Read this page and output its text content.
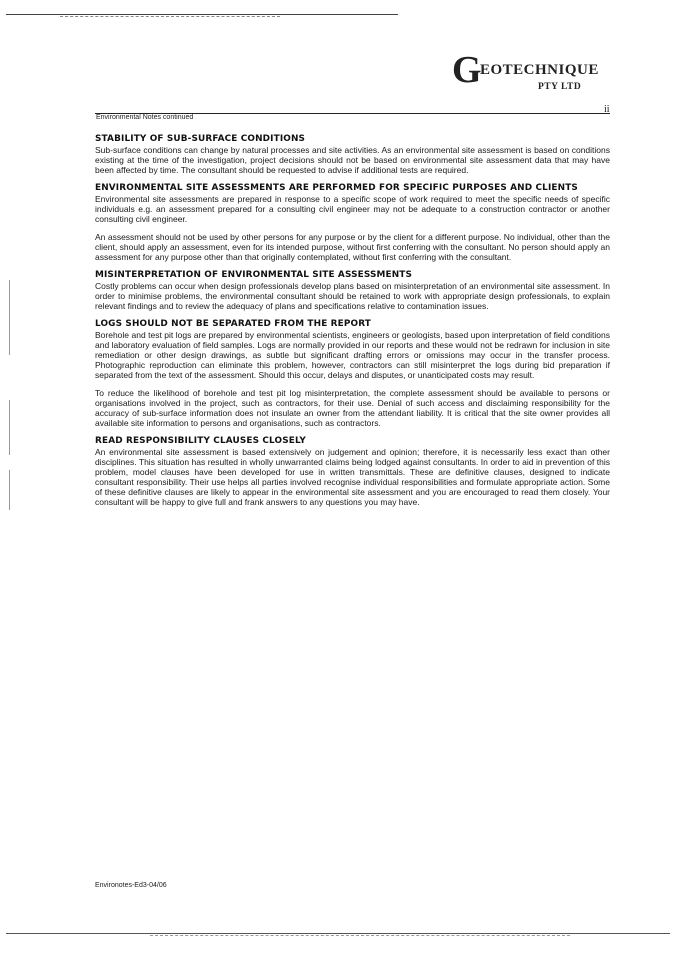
G
EOTECHNIQUE
PTY LTD
ii
Environmental Notes continued
STABILITY OF SUB-SURFACE CONDITIONS

Sub-surface conditions can change by natural processes and site activities. As an environmental site assessment is based on conditions existing at the time of the investigation, project decisions should not be based on environmental site assessment data that may have been affected by time. The consultant should be requested to advise if additional tests are required.

ENVIRONMENTAL SITE ASSESSMENTS ARE PERFORMED FOR SPECIFIC PURPOSES AND CLIENTS

Environmental site assessments are prepared in response to a specific scope of work required to meet the specific needs of specific individuals e.g. an assessment prepared for a consulting civil engineer may not be adequate to a construction contractor or another consulting civil engineer.

An assessment should not be used by other persons for any purpose or by the client for a different purpose. No individual, other than the client, should apply an assessment, even for its intended purpose, without first conferring with the consultant. No person should apply an assessment for any purpose other than that originally contemplated, without first conferring with the consultant.

MISINTERPRETATION OF ENVIRONMENTAL SITE ASSESSMENTS

Costly problems can occur when design professionals develop plans based on misinterpretation of an environmental site assessment. In order to minimise problems, the environmental consultant should be retained to work with appropriate design professionals, to explain relevant findings and to review the adequacy of plans and specifications relative to contamination issues.

LOGS SHOULD NOT BE SEPARATED FROM THE REPORT

Borehole and test pit logs are prepared by environmental scientists, engineers or geologists, based upon interpretation of field conditions and laboratory evaluation of field samples. Logs are normally provided in our reports and these would not be redrawn for inclusion in site remediation or other design drawings, as subtle but significant drafting errors or omissions may occur in the transfer process. Photographic reproduction can eliminate this problem, however, contractors can still misinterpret the logs during bid preparation if separated from the text of the assessment. Should this occur, delays and disputes, or unanticipated costs may result.

To reduce the likelihood of borehole and test pit log misinterpretation, the complete assessment should be available to persons or organisations involved in the project, such as contractors, for their use. Denial of such access and disclaiming responsibility for the accuracy of sub-surface information does not insulate an owner from the attendant liability. It is critical that the site owner provides all available site information to persons and organisations, such as contractors.

READ RESPONSIBILITY CLAUSES CLOSELY

An environmental site assessment is based extensively on judgement and opinion; therefore, it is necessarily less exact than other disciplines. This situation has resulted in wholly unwarranted claims being lodged against consultants. In order to aid in prevention of this problem, model clauses have been developed for use in written transmittals. These are definitive clauses, designed to indicate consultant responsibility. Their use helps all parties involved recognise individual responsibilities and formulate appropriate action. Some of these definitive clauses are likely to appear in the environmental site assessment and you are encouraged to read them closely. Your consultant will be happy to give full and frank answers to any questions you may have.

Environotes-Ed3-04/06
